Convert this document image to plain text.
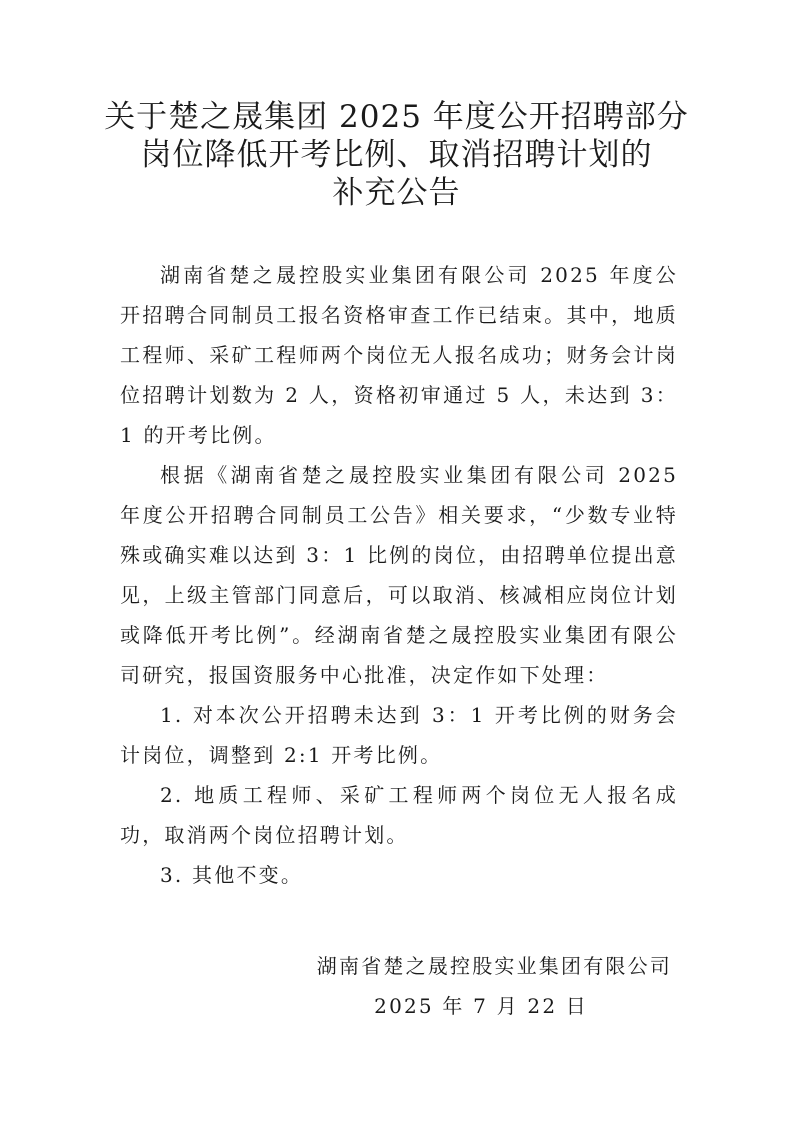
关于楚之晟集团 2025 年度公开招聘部分
岗位降低开考比例、取消招聘计划的
补充公告

湖南省楚之晟控股实业集团有限公司 2025 年度公开招聘合同制员工报名资格审查工作已结束。其中，地质工程师、采矿工程师两个岗位无人报名成功；财务会计岗位招聘计划数为 2 人，资格初审通过 5 人，未达到 3：1 的开考比例。

根据《湖南省楚之晟控股实业集团有限公司 2025 年度公开招聘合同制员工公告》相关要求，“少数专业特殊或确实难以达到 3：1 比例的岗位，由招聘单位提出意见，上级主管部门同意后，可以取消、核减相应岗位计划或降低开考比例”。经湖南省楚之晟控股实业集团有限公司研究，报国资服务中心批准，决定作如下处理：

1. 对本次公开招聘未达到 3：1 开考比例的财务会计岗位，调整到 2:1 开考比例。

2. 地质工程师、采矿工程师两个岗位无人报名成功，取消两个岗位招聘计划。

3. 其他不变。

湖南省楚之晟控股实业集团有限公司
2025 年 7 月 22 日
